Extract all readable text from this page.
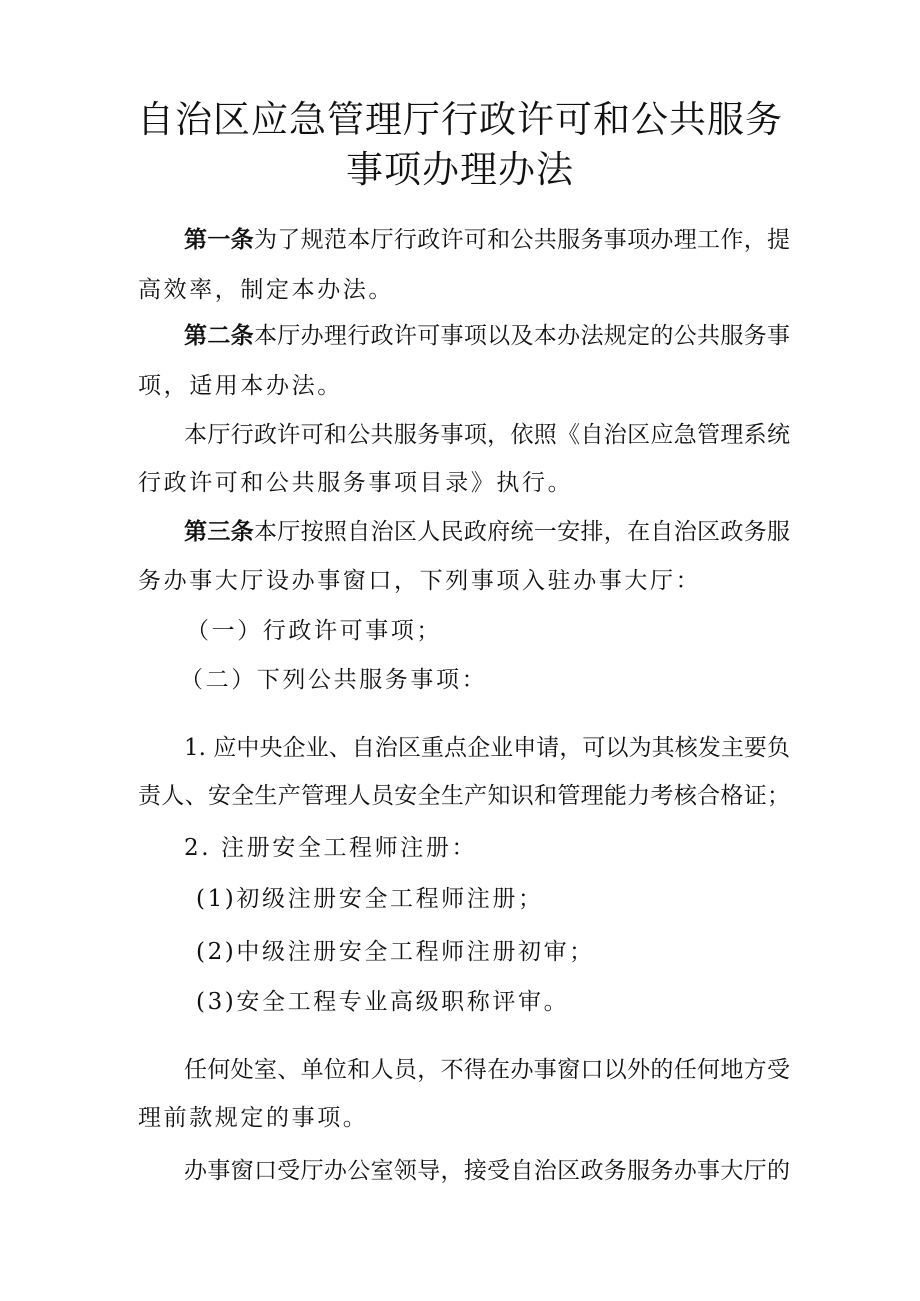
自治区应急管理厅行政许可和公共服务
事项办理办法

第一条为了规范本厅行政许可和公共服务事项办理工作，提

高效率，制定本办法。

第二条本厅办理行政许可事项以及本办法规定的公共服务事

项，适用本办法。

本厅行政许可和公共服务事项，依照《自治区应急管理系统

行政许可和公共服务事项目录》执行。

第三条本厅按照自治区人民政府统一安排，在自治区政务服

务办事大厅设办事窗口，下列事项入驻办事大厅：

（一）行政许可事项；

（二）下列公共服务事项：

1. 应中央企业、自治区重点企业申请，可以为其核发主要负

责人、安全生产管理人员安全生产知识和管理能力考核合格证；

2. 注册安全工程师注册：

(1)初级注册安全工程师注册；

(2)中级注册安全工程师注册初审；

(3)安全工程专业高级职称评审。

任何处室、单位和人员，不得在办事窗口以外的任何地方受

理前款规定的事项。

办事窗口受厅办公室领导，接受自治区政务服务办事大厅的
